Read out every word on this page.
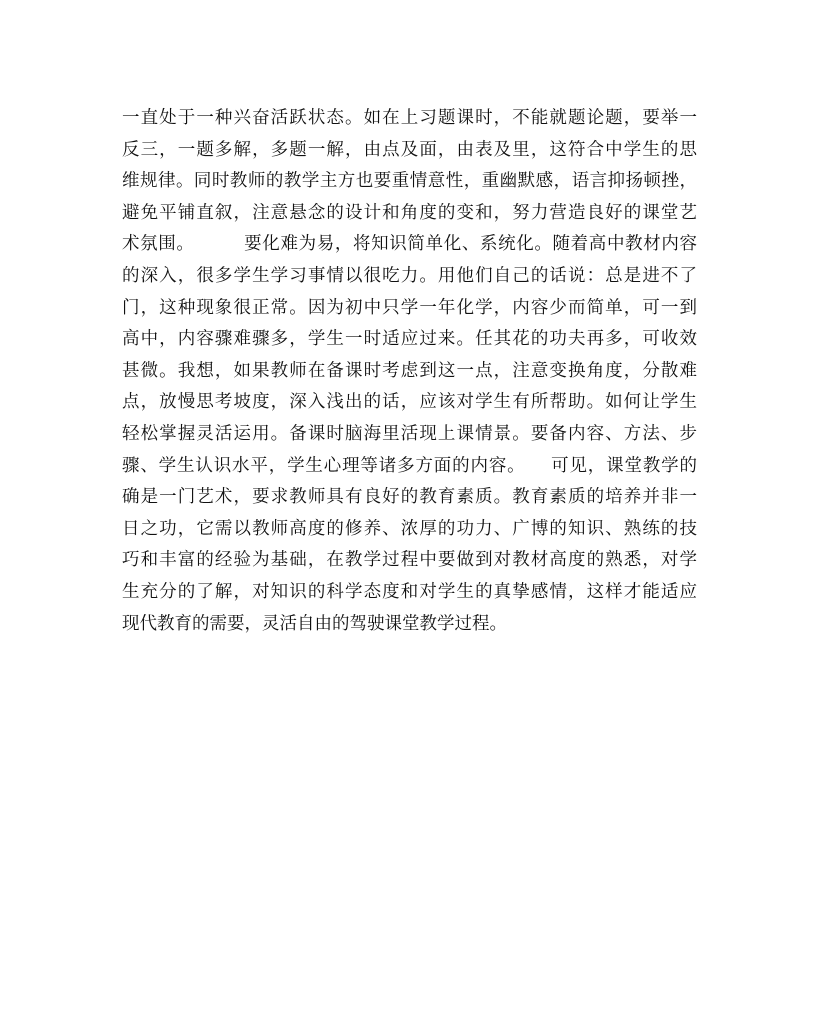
一直处于一种兴奋活跃状态。如在上习题课时，不能就题论题，要举一
反三，一题多解，多题一解，由点及面，由表及里，这符合中学生的思
维规律。同时教师的教学主方也要重情意性，重幽默感，语言抑扬顿挫，
避免平铺直叙，注意悬念的设计和角度的变和，努力营造良好的课堂艺
术氛围。        要化难为易，将知识简单化、系统化。随着高中教材内容
的深入，很多学生学习事情以很吃力。用他们自己的话说：总是进不了
门，这种现象很正常。因为初中只学一年化学，内容少而简单，可一到
高中，内容骤难骤多，学生一时适应过来。任其花的功夫再多，可收效
甚微。我想，如果教师在备课时考虑到这一点，注意变换角度，分散难
点，放慢思考坡度，深入浅出的话，应该对学生有所帮助。如何让学生
轻松掌握灵活运用。备课时脑海里活现上课情景。要备内容、方法、步
骤、学生认识水平，学生心理等诸多方面的内容。    可见，课堂教学的
确是一门艺术，要求教师具有良好的教育素质。教育素质的培养并非一
日之功，它需以教师高度的修养、浓厚的功力、广博的知识、熟练的技
巧和丰富的经验为基础，在教学过程中要做到对教材高度的熟悉，对学
生充分的了解，对知识的科学态度和对学生的真挚感情，这样才能适应
现代教育的需要，灵活自由的驾驶课堂教学过程。
